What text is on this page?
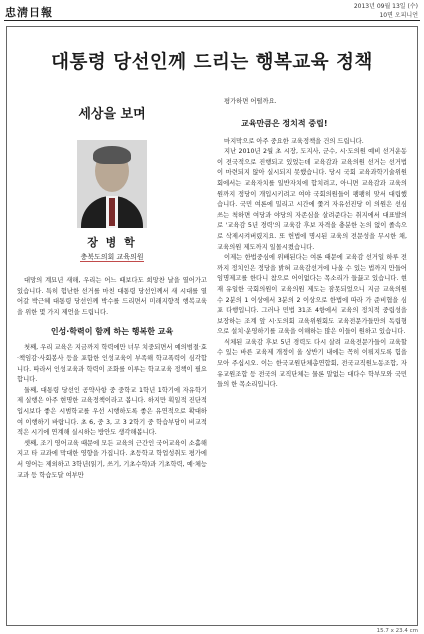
忠淸日報	2013년 09월 13일 (수)
10면 오피니언
대통령 당선인께 드리는 행복교육 정책
세상을 보며
장 병 학
충북도의회 교육의원

대망의 계묘년 새해, 우리는 어느 때보다도 희망찬 날을 열어가고 있습니다. 특히 험난한 선거를 마친 대통령 당선인께서 새 시대를 열어갈 박근혜 대통령 당선인께 박수를 드리면서 미래지향적 행복교육을 위한 몇 가지 제언을 드립니다.

인성·학력이 함께 하는 행복한 교육

첫째, 우리 교육은 지금까지 학력에만 너무 치중되면서 예의범절·효·책임감·사회봉사 등을 포함한 인성교육이 부족해 학교폭력이 심각합니다. 따라서 인성교육과 학력이 조화를 이루는 학교교육 정책이 필요합니다.

둘째, 대통령 당선인 공약사항 중 중학교 1학년 1학기에 자유학기제 실행은 아주 현명한 교육정책이라고 봅니다. 하지만 획일적 진단적 입시보다 좋은 시범학교를 우선 시행하도록 좋은 유연적으로 확대하여 이행하기 바랍니다. 초 6, 중 3, 고 3 2학기 중 학습부담이 비교적 적은 시기에 연계해 실시하는 방안도 생각해봅니다.

셋째, 조기 영어교육 때문에 모든 교육의 근간인 국어교육이 소홀해지고 타 교과에 막대한 영향을 가집니다. 초등학교 학업성취도 평가에서 영어는 제외하고 3학년(읽기, 쓰기, 기초수학)과 기초학력, 예·체능 교과 등 학습도달 여부만

평가하면 어떨까요.

교육만큼은 정치적 중립!

마지막으로 아주 중요한 교육정책을 건의 드립니다.

지난 2010년 2월 초 시장, 도지사, 군수, 시·도의원 예비 선거운동이 전국적으로 진행되고 있었는데 교육감과 교육의원 선거는 선거법이 마련되지 않아 실시되지 못했습니다. 당시 국회 교육과학기술위원회에서는 교육자치를 일반자치에 합치려고, 아니면 교육감과 교육의원까지 정당이 개입시키려고 여야 국회의원들이 팽팽히 맞서 대립했습니다. 국민 여론에 밀리고 시간에 쫓겨 자유선진당 이 의원은 선심 쓰는 척하면 여당과 야당의 자존심을 살려준다는 취지에서 대표발의로 '교육감 5년 경력'의 교육감 후보 자격을 충분한 논의 없이 졸속으로 삭제시켜버렸지요. 또 헌법에 명시된 교육의 전문성을 무시한 채, 교육의원 제도까지 일몰시켰습니다.

이제는 한법중심에 위배된다는 여론 때문에 교육감 선거일 하루 전까지 정치인은 정당을 밝혀 교육감선거에 나올 수 있는 법까지 만들어 임명제고를 한다니 참으로 어이없다는 목소리가 들끓고 있습니다. 현재 유일한 국회의원이 교육의원 제도는 잠못되었으니 지금 교육의원 수 2분의 1 이상에서 3분의 2 이상으로 한법에 따라 가 준비협을 심포 다행입니다. 그러나 민법 31조 4항에서 교육의 정치적 중립성을 보장하는 조계 앞 시·도의회 교육위원회도 교육전문가들만의 독립형으로 설치·운영하기를 교육을 이해하는 많은 이들이 원하고 있습니다.

식체된 교육감 후보 5년 경력도 다시 살려 교육전문가들이 교육할 수 있는 바른 교육제 개정이 올 상반기 내에는 꼭히 이뤄지도록 힘을 모아 주십시오. 이는 한국교원단체총연합회, 전국교직원노동조합, 자유교원조합 등 전국의 교직단체는 물론 말없는 대다수 학부모와 국민들의 한 목소리입니다.

15.7 x 23.4 cm
